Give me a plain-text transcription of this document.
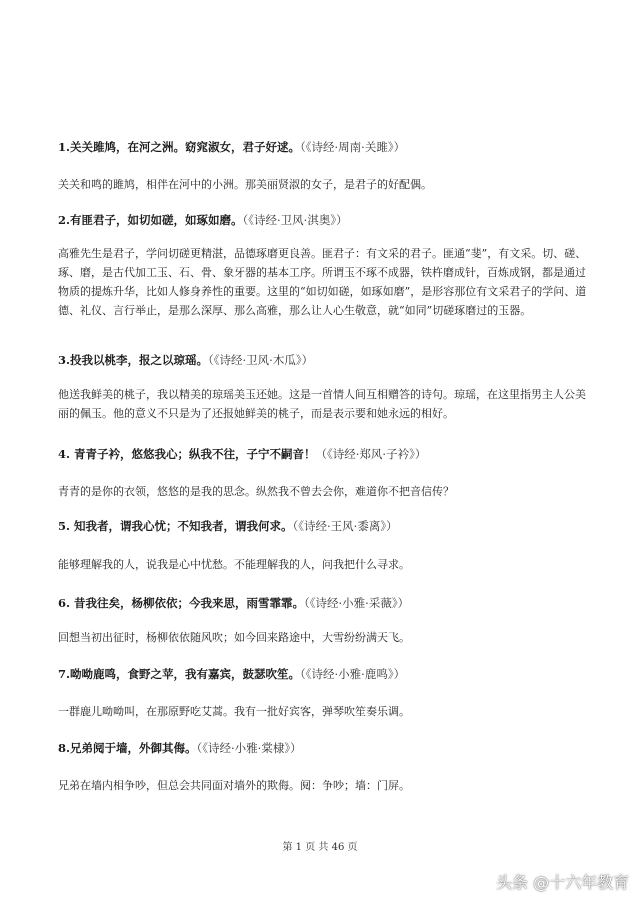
1.关关雎鸠，在河之洲。窈窕淑女，君子好逑。（《诗经·周南·关雎》）
关关和鸣的雎鸠，相伴在河中的小洲。那美丽贤淑的女子，是君子的好配偶。
2.有匪君子，如切如磋，如琢如磨。（《诗经·卫风·淇奥》）
高雅先生是君子，学问切磋更精湛，品德琢磨更良善。匪君子：有文采的君子。匪通“斐”，有文采。切、磋、琢、磨，是古代加工玉、石、骨、象牙器的基本工序。所谓玉不琢不成器，铁杵磨成针，百炼成钢，都是通过物质的提炼升华，比如人修身养性的重要。这里的“如切如磋，如琢如磨”，是形容那位有文采君子的学问、道德、礼仪、言行举止，是那么深厚、那么高雅，那么让人心生敬意，就“如同”切磋琢磨过的玉器。
3.投我以桃李，报之以琼瑶。（《诗经·卫风·木瓜》）
他送我鲜美的桃子，我以精美的琼瑶美玉还她。这是一首情人间互相赠答的诗句。琼瑶，在这里指男主人公美丽的佩玉。他的意义不只是为了还报她鲜美的桃子，而是表示要和她永远的相好。
4. 青青子衿，悠悠我心；纵我不往，子宁不嗣音！（《诗经·郑风·子衿》）
青青的是你的衣领，悠悠的是我的思念。纵然我不曾去会你，难道你不把音信传？
5. 知我者，谓我心忧；不知我者，谓我何求。（《诗经·王风·黍离》）
能够理解我的人，说我是心中忧愁。不能理解我的人，问我把什么寻求。
6. 昔我往矣，杨柳依依；今我来思，雨雪霏霏。（《诗经·小雅·采薇》）
回想当初出征时，杨柳依依随风吹；如今回来路途中，大雪纷纷满天飞。
7.呦呦鹿鸣，食野之苹，我有嘉宾，鼓瑟吹笙。（《诗经·小雅·鹿鸣》）
一群鹿儿呦呦叫，在那原野吃艾蒿。我有一批好宾客，弹琴吹笙奏乐调。
8.兄弟阋于墙，外御其侮。（《诗经·小雅·棠棣》）
兄弟在墙内相争吵，但总会共同面对墙外的欺侮。阋：争吵；墙：门屏。
第 1 页 共 46 页
头条 @十六年教育
